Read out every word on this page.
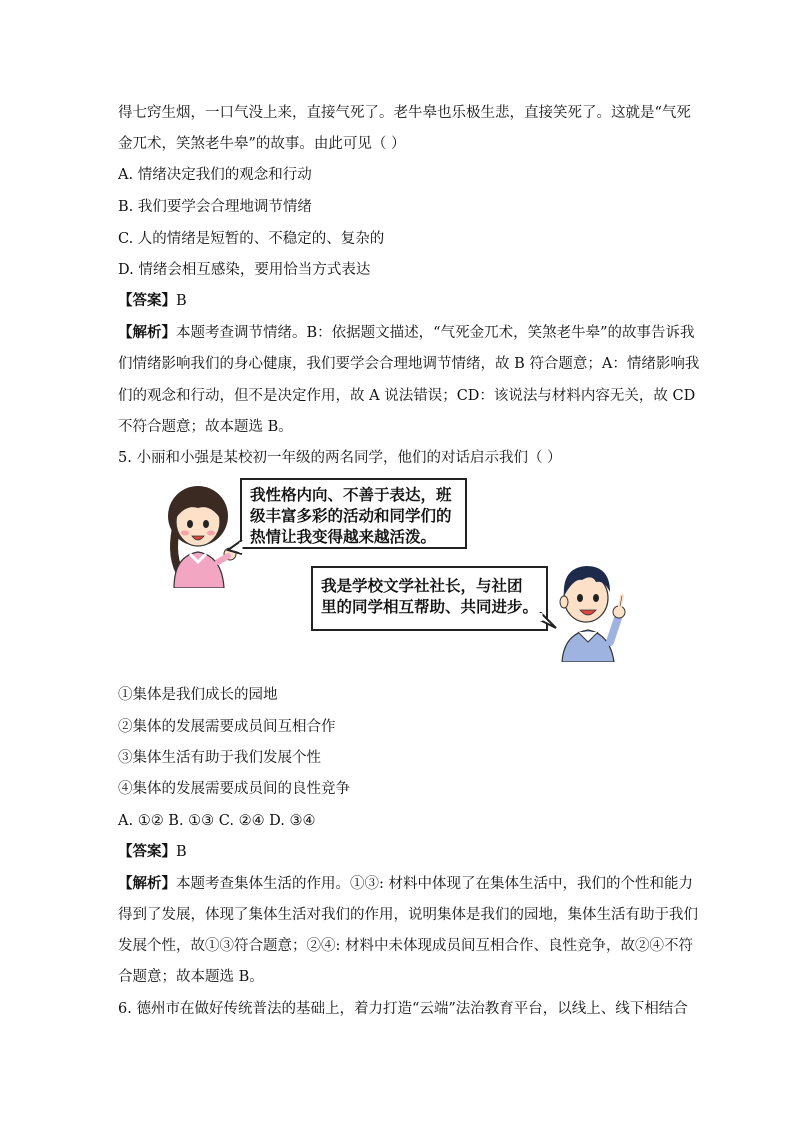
得七窍生烟，一口气没上来，直接气死了。老牛皋也乐极生悲，直接笑死了。这就是“气死
金兀术，笑煞老牛皋”的故事。由此可见（ ）
A. 情绪决定我们的观念和行动
B. 我们要学会合理地调节情绪
C. 人的情绪是短暂的、不稳定的、复杂的
D. 情绪会相互感染，要用恰当方式表达
【答案】B
【解析】本题考查调节情绪。B：依据题文描述，“气死金兀术，笑煞老牛皋”的故事告诉我
们情绪影响我们的身心健康，我们要学会合理地调节情绪，故 B 符合题意；A：情绪影响我
们的观念和行动，但不是决定作用，故 A 说法错误；CD：该说法与材料内容无关，故 CD
不符合题意；故本题选 B。
5. 小丽和小强是某校初一年级的两名同学，他们的对话启示我们（ ）
我性格内向、不善于表达，班
级丰富多彩的活动和同学们的
热情让我变得越来越活泼。
我是学校文学社社长，与社团
里的同学相互帮助、共同进步。
①集体是我们成长的园地
②集体的发展需要成员间互相合作
③集体生活有助于我们发展个性
④集体的发展需要成员间的良性竞争
A. ①② B. ①③ C. ②④ D. ③④
【答案】B
【解析】本题考查集体生活的作用。①③: 材料中体现了在集体生活中，我们的个性和能力
得到了发展，体现了集体生活对我们的作用，说明集体是我们的园地，集体生活有助于我们
发展个性，故①③符合题意；②④: 材料中未体现成员间互相合作、良性竞争，故②④不符
合题意；故本题选 B。
6. 德州市在做好传统普法的基础上，着力打造“云端”法治教育平台，以线上、线下相结合
